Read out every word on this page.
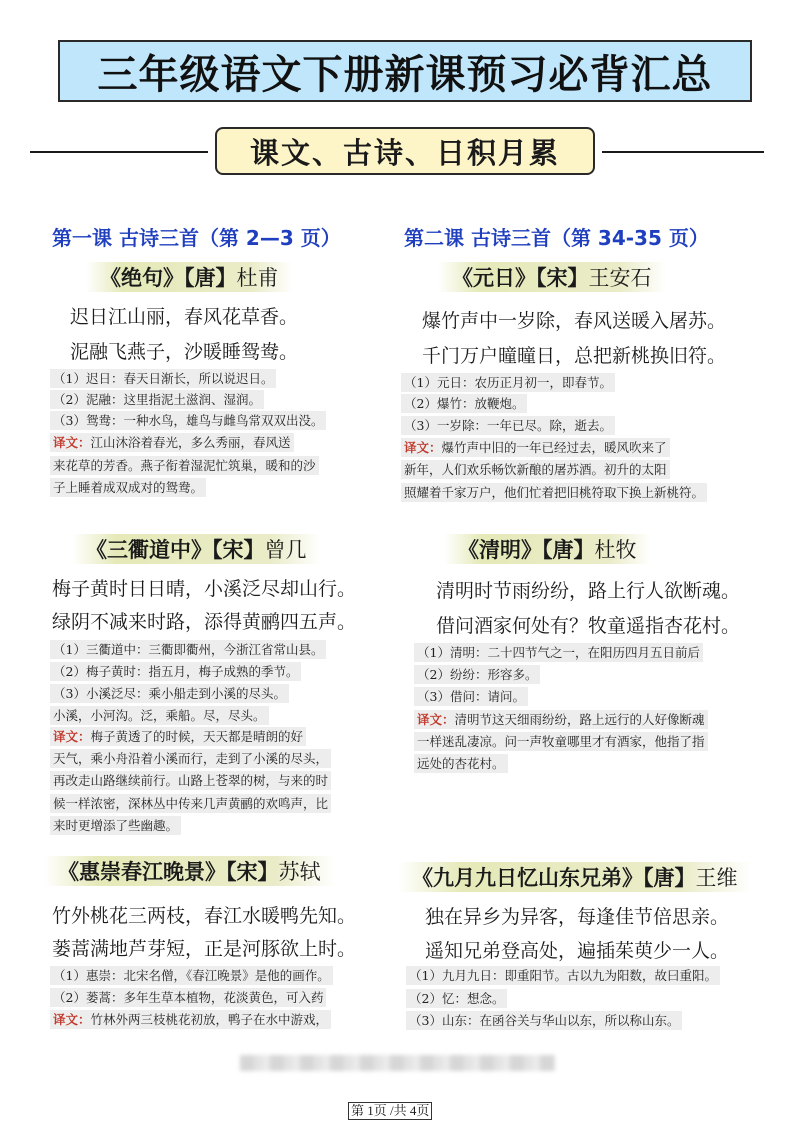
三年级语文下册新课预习必背汇总
课文、古诗、日积月累
第一课 古诗三首（第 2—3 页）
《绝句》【唐】杜甫
迟日江山丽，春风花草香。
泥融飞燕子，沙暖睡鸳鸯。
（1）迟日：春天日渐长，所以说迟日。
（2）泥融：这里指泥土滋润、湿润。
（3）鸳鸯：一种水鸟，雄鸟与雌鸟常双双出没。
译文：江山沐浴着春光，多么秀丽，春风送
来花草的芳香。燕子衔着湿泥忙筑巢，暖和的沙
子上睡着成双成对的鸳鸯。
《三衢道中》【宋】曾几
梅子黄时日日晴，小溪泛尽却山行。
绿阴不减来时路，添得黄鹂四五声。
（1）三衢道中：三衢即衢州，今浙江省常山县。
（2）梅子黄时：指五月，梅子成熟的季节。
（3）小溪泛尽：乘小船走到小溪的尽头。
小溪，小河沟。泛，乘船。尽，尽头。
译文：梅子黄透了的时候，天天都是晴朗的好
天气，乘小舟沿着小溪而行，走到了小溪的尽头，
再改走山路继续前行。山路上苍翠的树，与来的时
候一样浓密，深林丛中传来几声黄鹂的欢鸣声，比
来时更增添了些幽趣。
《惠崇春江晚景》【宋】苏轼
竹外桃花三两枝，春江水暖鸭先知。
蒌蒿满地芦芽短，正是河豚欲上时。
（1）惠崇：北宋名僧，《春江晚景》是他的画作。
（2）蒌蒿：多年生草本植物，花淡黄色，可入药
译文：竹林外两三枝桃花初放，鸭子在水中游戏，
第二课 古诗三首（第 34-35 页）
《元日》【宋】王安石
爆竹声中一岁除，春风送暖入屠苏。
千门万户曈曈日，总把新桃换旧符。
（1）元日：农历正月初一，即春节。
（2）爆竹：放鞭炮。
（3）一岁除：一年已尽。除，逝去。
译文：爆竹声中旧的一年已经过去，暖风吹来了
新年，人们欢乐畅饮新酿的屠苏酒。初升的太阳
照耀着千家万户，他们忙着把旧桃符取下换上新桃符。
《清明》【唐】杜牧
清明时节雨纷纷，路上行人欲断魂。
借问酒家何处有？牧童遥指杏花村。
（1）清明：二十四节气之一，在阳历四月五日前后
（2）纷纷：形容多。
（3）借问：请问。
译文：清明节这天细雨纷纷，路上远行的人好像断魂
一样迷乱凄凉。问一声牧童哪里才有酒家，他指了指
远处的杏花村。
《九月九日忆山东兄弟》【唐】王维
独在异乡为异客，每逢佳节倍思亲。
遥知兄弟登高处，遍插茱萸少一人。
（1）九月九日：即重阳节。古以九为阳数，故曰重阳。
（2）忆：想念。
（3）山东：在函谷关与华山以东，所以称山东。
第 1页 /共 4页
